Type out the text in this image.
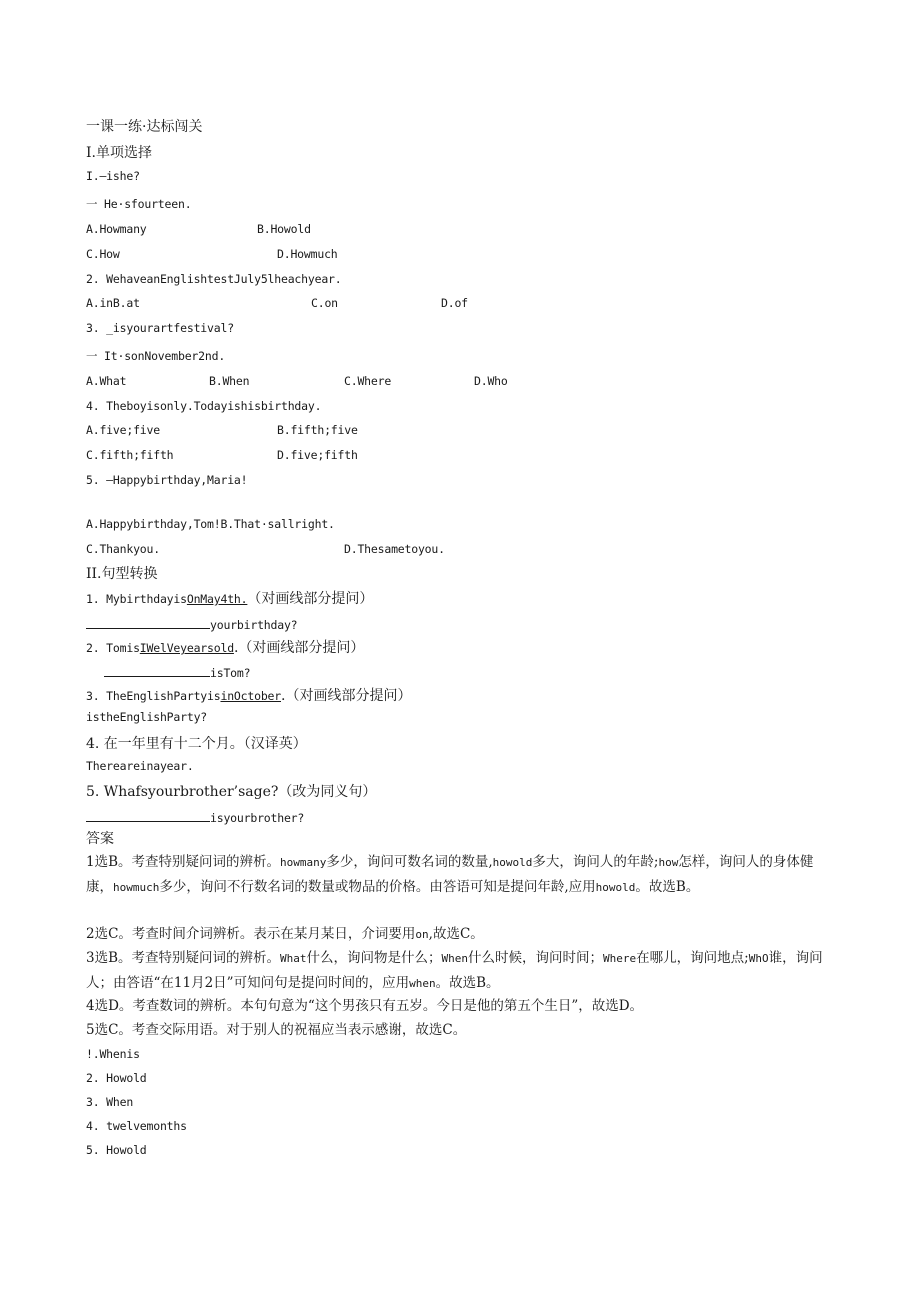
一课一练·达标闯关
I.单项选择
I.—ishe?
一 He·sfourteen.
A.Howmany	B.Howold
C.How	D.Howmuch
2. WehaveanEnglishtestJuly5lheachyear.
A.inB.at	C.on	D.of
3. _isyourartfestival?
一 It·sonNovember2nd.
A.What	B.When	C.Where	D.Who
4. Theboyisonly.Todayishisbirthday.
A.five;five	B.fifth;five
C.fifth;fifth	D.five;fifth
5. —Happybirthday,Maria!
A.Happybirthday,Tom!B.That·sallright.
C.Thankyou.	D.Thesametoyou.
II.句型转换
1. MybirthdayisOnMay4th.（对画线部分提问）
yourbirthday?
2. TomisIWelVeyearsold.（对画线部分提问）
isTom?
3. TheEnglishPartyisinOctober.（对画线部分提问）
istheEnglishParty?
4. 在一年里有十二个月。（汉译英）
Thereareinayear.
5. Whafsyourbrother’sage?（改为同义句）
isyourbrother?
答案
1选B。考查特别疑问词的辨析。howmany多少，询问可数名词的数量,howold多大，询问人的年龄;how怎样，询问人的身体健康，howmuch多少，询问不行数名词的数量或物品的价格。由答语可知是提问年龄,应用howold。故选B。
2选C。考查时间介词辨析。表示在某月某日，介词要用on,故选C。
3选B。考查特别疑问词的辨析。What什么，询问物是什么；When什么时候，询问时间；Where在哪儿，询问地点;WhO谁，询问人；由答语“在11月2日”可知问句是提问时间的，应用when。故选B。
4选D。考查数词的辨析。本句句意为“这个男孩只有五岁。今日是他的第五个生日”，故选D。
5选C。考查交际用语。对于别人的祝福应当表示感谢，故选C。
!.Whenis
2. Howold
3. When
4. twelvemonths
5. Howold
